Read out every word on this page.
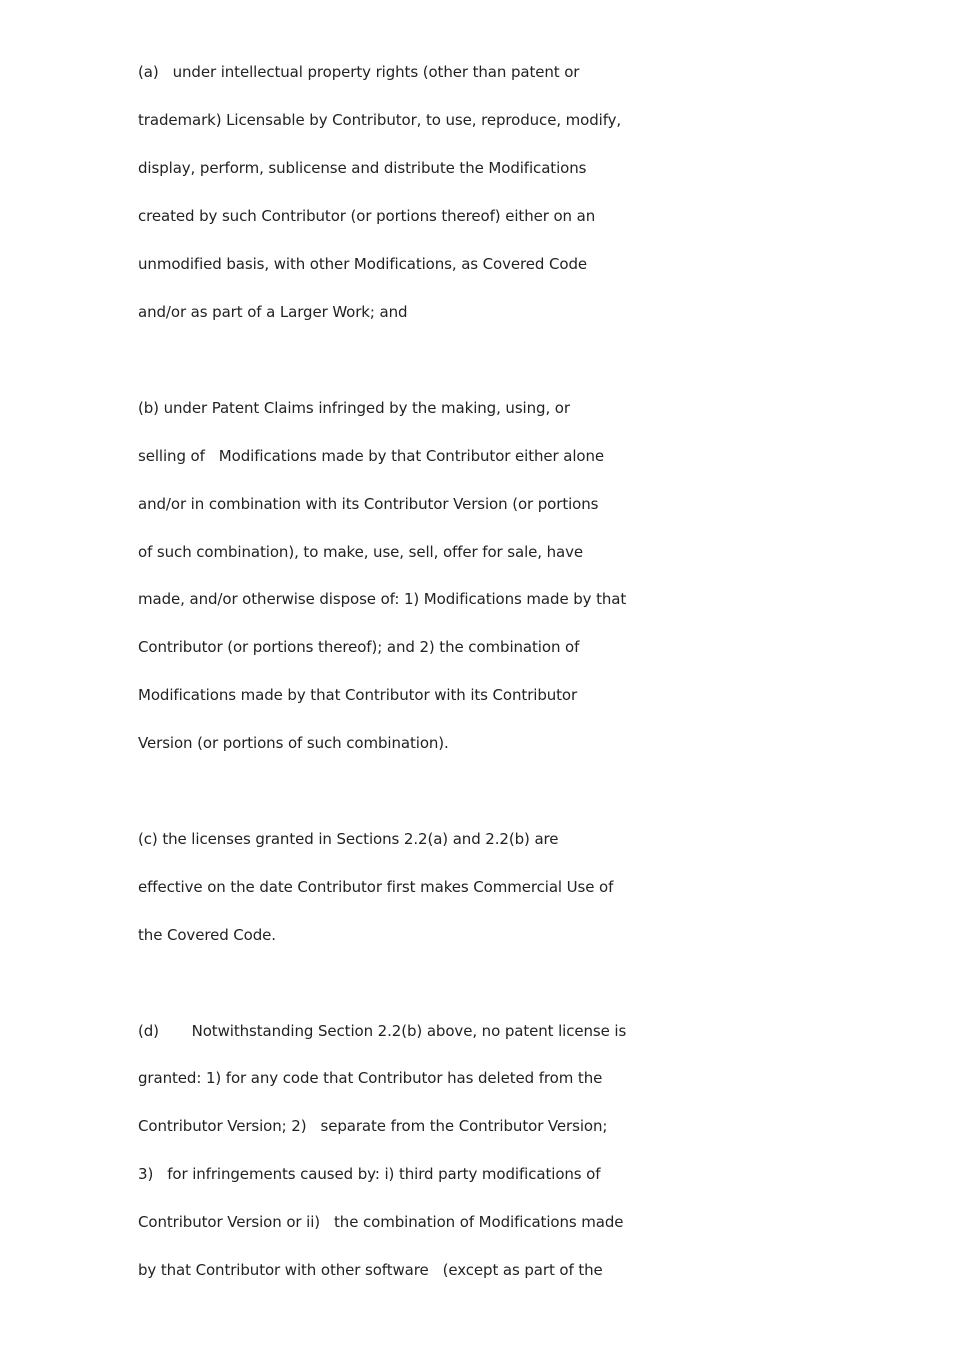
(a)   under intellectual property rights (other than patent or
trademark) Licensable by Contributor, to use, reproduce, modify,
display, perform, sublicense and distribute the Modifications
created by such Contributor (or portions thereof) either on an
unmodified basis, with other Modifications, as Covered Code
and/or as part of a Larger Work; and
(b) under Patent Claims infringed by the making, using, or
selling of   Modifications made by that Contributor either alone
and/or in combination with its Contributor Version (or portions
of such combination), to make, use, sell, offer for sale, have
made, and/or otherwise dispose of: 1) Modifications made by that
Contributor (or portions thereof); and 2) the combination of
Modifications made by that Contributor with its Contributor
Version (or portions of such combination).
(c) the licenses granted in Sections 2.2(a) and 2.2(b) are
effective on the date Contributor first makes Commercial Use of
the Covered Code.
(d)       Notwithstanding Section 2.2(b) above, no patent license is
granted: 1) for any code that Contributor has deleted from the
Contributor Version; 2)   separate from the Contributor Version;
3)   for infringements caused by: i) third party modifications of
Contributor Version or ii)   the combination of Modifications made
by that Contributor with other software   (except as part of the
